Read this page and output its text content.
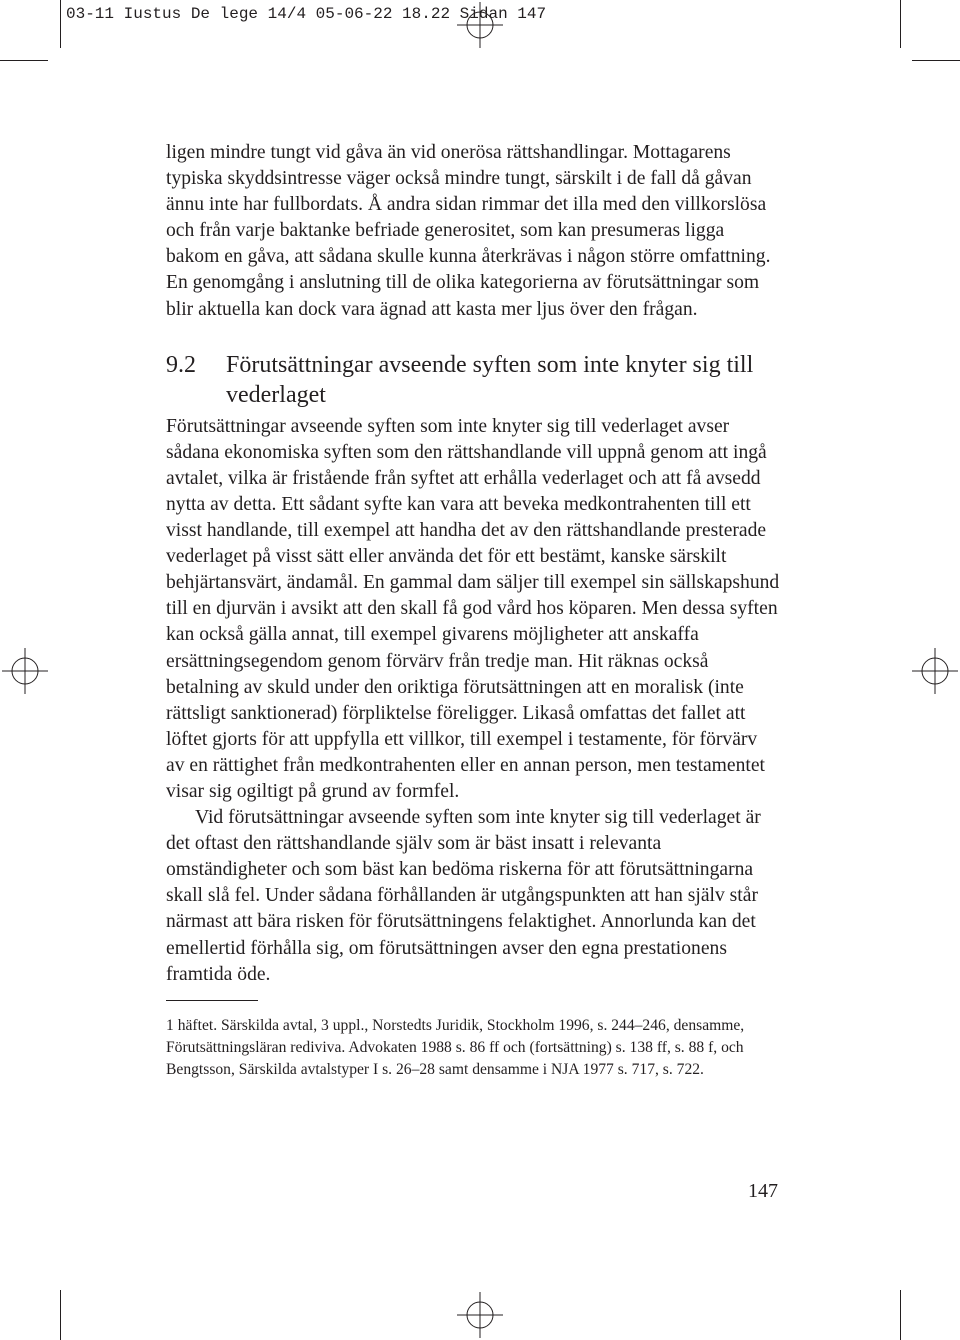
03-11 Iustus De lege 14/4 05-06-22 18.22 Sidan 147

ligen mindre tungt vid gåva än vid onerösa rättshandlingar. Mottagarens typiska skyddsintresse väger också mindre tungt, särskilt i de fall då gåvan ännu inte har fullbordats. Å andra sidan rimmar det illa med den villkorslösa och från varje baktanke befriade generositet, som kan presumeras ligga bakom en gåva, att sådana skulle kunna återkrävas i någon större omfattning. En genomgång i anslutning till de olika kategorierna av förutsättningar som blir aktuella kan dock vara ägnad att kasta mer ljus över den frågan.

9.2	Förutsättningar avseende syften som inte knyter sig till vederlaget

Förutsättningar avseende syften som inte knyter sig till vederlaget avser sådana ekonomiska syften som den rättshandlande vill uppnå genom att ingå avtalet, vilka är fristående från syftet att erhålla vederlaget och att få avsedd nytta av detta. Ett sådant syfte kan vara att beveka medkontrahenten till ett visst handlande, till exempel att handha det av den rättshandlande presterade vederlaget på visst sätt eller använda det för ett bestämt, kanske särskilt behjärtansvärt, ändamål. En gammal dam säljer till exempel sin sällskapshund till en djurvän i avsikt att den skall få god vård hos köparen. Men dessa syften kan också gälla annat, till exempel givarens möjligheter att anskaffa ersättningsegendom genom förvärv från tredje man. Hit räknas också betalning av skuld under den oriktiga förutsättningen att en moralisk (inte rättsligt sanktionerad) förpliktelse föreligger. Likaså omfattas det fallet att löftet gjorts för att uppfylla ett villkor, till exempel i testamente, för förvärv av en rättighet från medkontrahenten eller en annan person, men testamentet visar sig ogiltigt på grund av formfel.

Vid förutsättningar avseende syften som inte knyter sig till vederlaget är det oftast den rättshandlande själv som är bäst insatt i relevanta omständigheter och som bäst kan bedöma riskerna för att förutsättningarna skall slå fel. Under sådana förhållanden är utgångspunkten att han själv står närmast att bära risken för förutsättningens felaktighet. Annorlunda kan det emellertid förhålla sig, om förutsättningen avser den egna prestationens framtida öde.

1 häftet. Särskilda avtal, 3 uppl., Norstedts Juridik, Stockholm 1996, s. 244–246, densamme, Förutsättningsläran rediviva. Advokaten 1988 s. 86 ff och (fortsättning) s. 138 ff, s. 88 f, och Bengtsson, Särskilda avtalstyper I s. 26–28 samt densamme i NJA 1977 s. 717, s. 722.

147
